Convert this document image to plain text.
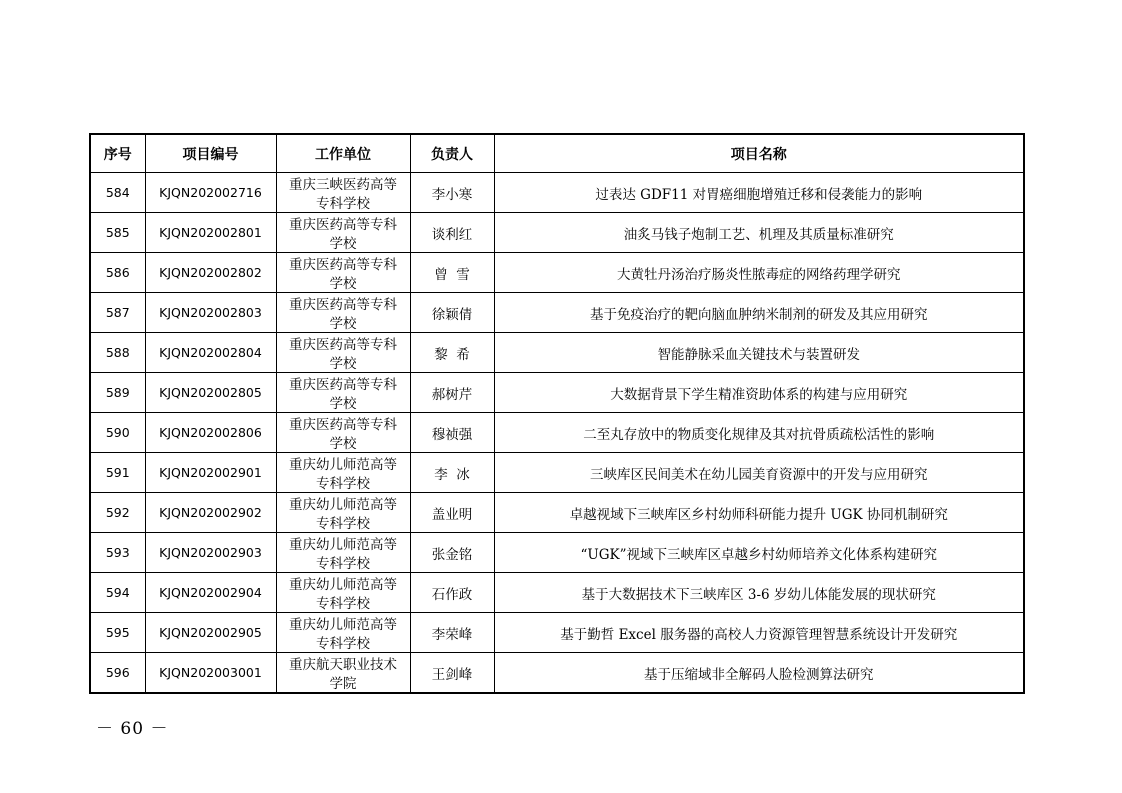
序号	项目编号	工作单位	负责人	项目名称
584	KJQN202002716	重庆三峡医药高等专科学校	李小寒	过表达 GDF11 对胃癌细胞增殖迁移和侵袭能力的影响
585	KJQN202002801	重庆医药高等专科学校	谈利红	油炙马钱子炮制工艺、机理及其质量标准研究
586	KJQN202002802	重庆医药高等专科学校	曾  雪	大黄牡丹汤治疗肠炎性脓毒症的网络药理学研究
587	KJQN202002803	重庆医药高等专科学校	徐颖倩	基于免疫治疗的靶向脑血肿纳米制剂的研发及其应用研究
588	KJQN202002804	重庆医药高等专科学校	黎  希	智能静脉采血关键技术与装置研发
589	KJQN202002805	重庆医药高等专科学校	郝树芹	大数据背景下学生精准资助体系的构建与应用研究
590	KJQN202002806	重庆医药高等专科学校	穆祯强	二至丸存放中的物质变化规律及其对抗骨质疏松活性的影响
591	KJQN202002901	重庆幼儿师范高等专科学校	李  冰	三峡库区民间美术在幼儿园美育资源中的开发与应用研究
592	KJQN202002902	重庆幼儿师范高等专科学校	盖业明	卓越视域下三峡库区乡村幼师科研能力提升 UGK 协同机制研究
593	KJQN202002903	重庆幼儿师范高等专科学校	张金铭	“UGK”视域下三峡库区卓越乡村幼师培养文化体系构建研究
594	KJQN202002904	重庆幼儿师范高等专科学校	石作政	基于大数据技术下三峡库区 3-6 岁幼儿体能发展的现状研究
595	KJQN202002905	重庆幼儿师范高等专科学校	李荣峰	基于勤哲 Excel 服务器的高校人力资源管理智慧系统设计开发研究
596	KJQN202003001	重庆航天职业技术学院	王剑峰	基于压缩域非全解码人脸检测算法研究
－ 60 －
